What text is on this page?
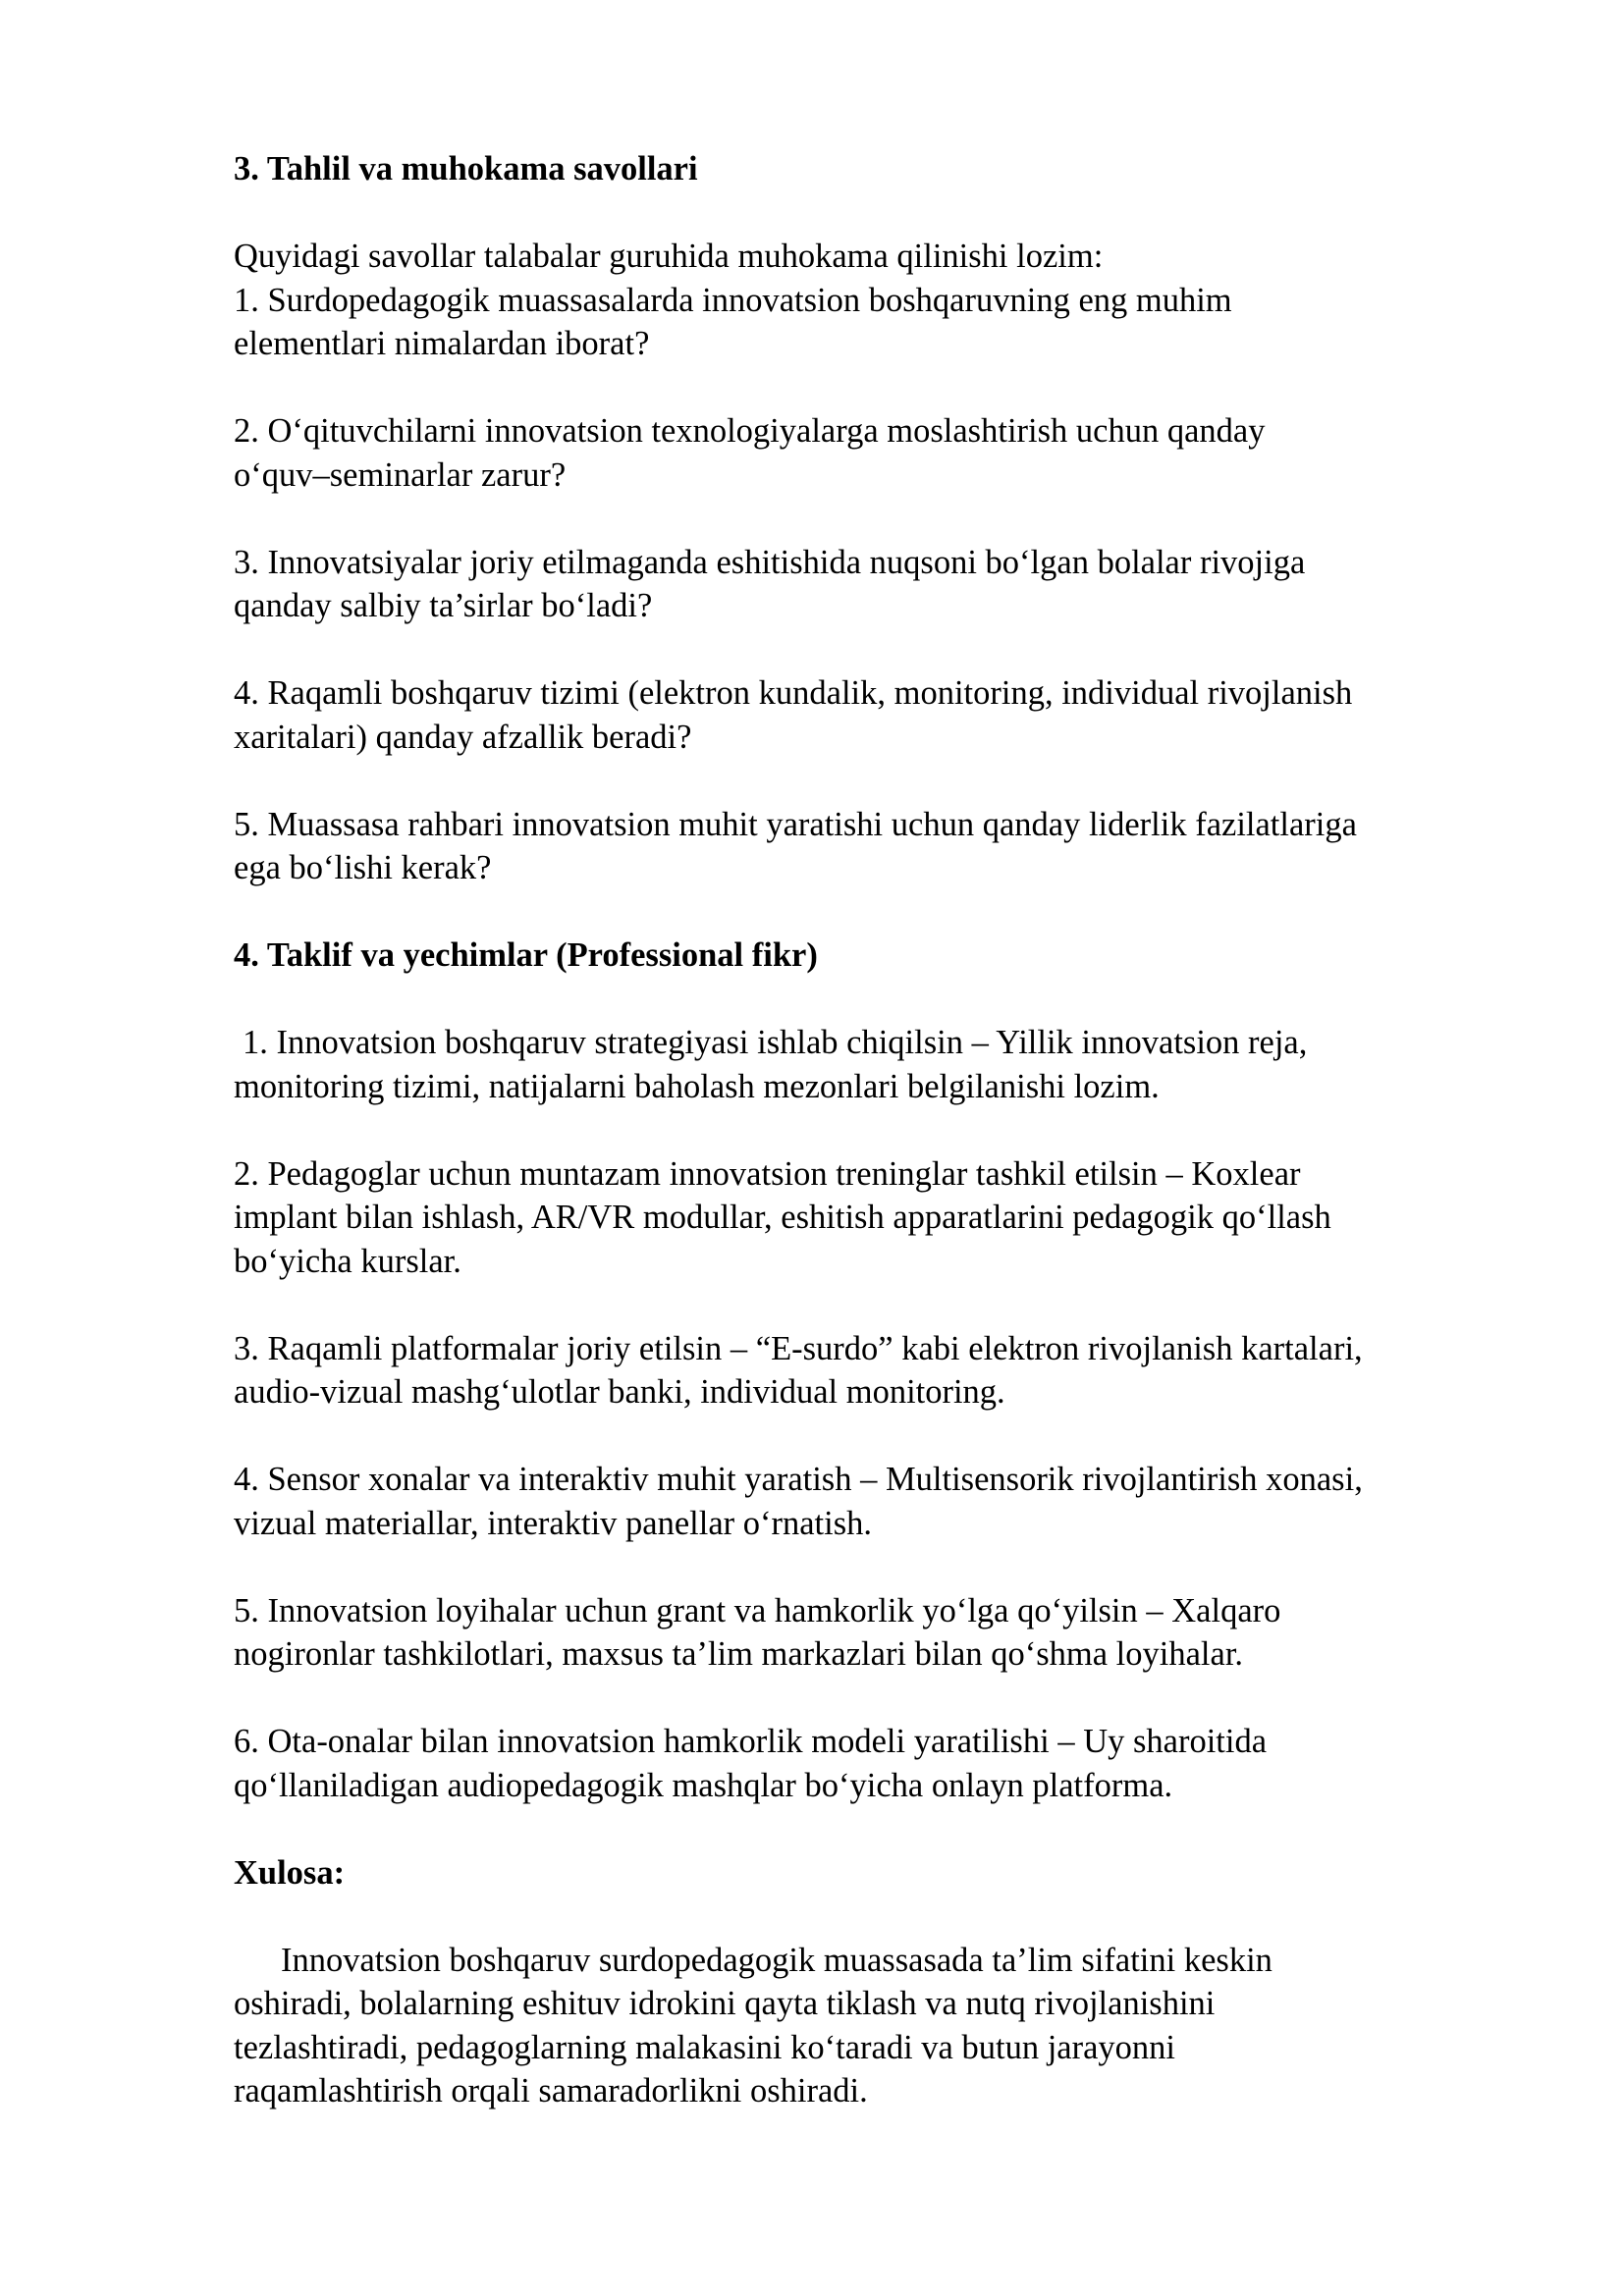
3. Tahlil va muhokama savollari
Quyidagi savollar talabalar guruhida muhokama qilinishi lozim:
1. Surdopedagogik muassasalarda innovatsion boshqaruvning eng muhim
elementlari nimalardan iborat?
2. O‘qituvchilarni innovatsion texnologiyalarga moslashtirish uchun qanday
o‘quv–seminarlar zarur?
3. Innovatsiyalar joriy etilmaganda eshitishida nuqsoni bo‘lgan bolalar rivojiga
qanday salbiy ta’sirlar bo‘ladi?
4. Raqamli boshqaruv tizimi (elektron kundalik, monitoring, individual rivojlanish
xaritalari) qanday afzallik beradi?
5. Muassasa rahbari innovatsion muhit yaratishi uchun qanday liderlik fazilatlariga
ega bo‘lishi kerak?
4. Taklif va yechimlar (Professional fikr)
1. Innovatsion boshqaruv strategiyasi ishlab chiqilsin – Yillik innovatsion reja,
monitoring tizimi, natijalarni baholash mezonlari belgilanishi lozim.
2. Pedagoglar uchun muntazam innovatsion treninglar tashkil etilsin – Koxlear
implant bilan ishlash, AR/VR modullar, eshitish apparatlarini pedagogik qo‘llash
bo‘yicha kurslar.
3. Raqamli platformalar joriy etilsin – “E-surdo” kabi elektron rivojlanish kartalari,
audio-vizual mashg‘ulotlar banki, individual monitoring.
4. Sensor xonalar va interaktiv muhit yaratish – Multisensorik rivojlantirish xonasi,
vizual materiallar, interaktiv panellar o‘rnatish.
5. Innovatsion loyihalar uchun grant va hamkorlik yo‘lga qo‘yilsin – Xalqaro
nogironlar tashkilotlari, maxsus ta’lim markazlari bilan qo‘shma loyihalar.
6. Ota-onalar bilan innovatsion hamkorlik modeli yaratilishi – Uy sharoitida
qo‘llaniladigan audiopedagogik mashqlar bo‘yicha onlayn platforma.
Xulosa:
Innovatsion boshqaruv surdopedagogik muassasada ta’lim sifatini keskin
oshiradi, bolalarning eshituv idrokini qayta tiklash va nutq rivojlanishini
tezlashtiradi, pedagoglarning malakasini ko‘taradi va butun jarayonni
raqamlashtirish orqali samaradorlikni oshiradi.
